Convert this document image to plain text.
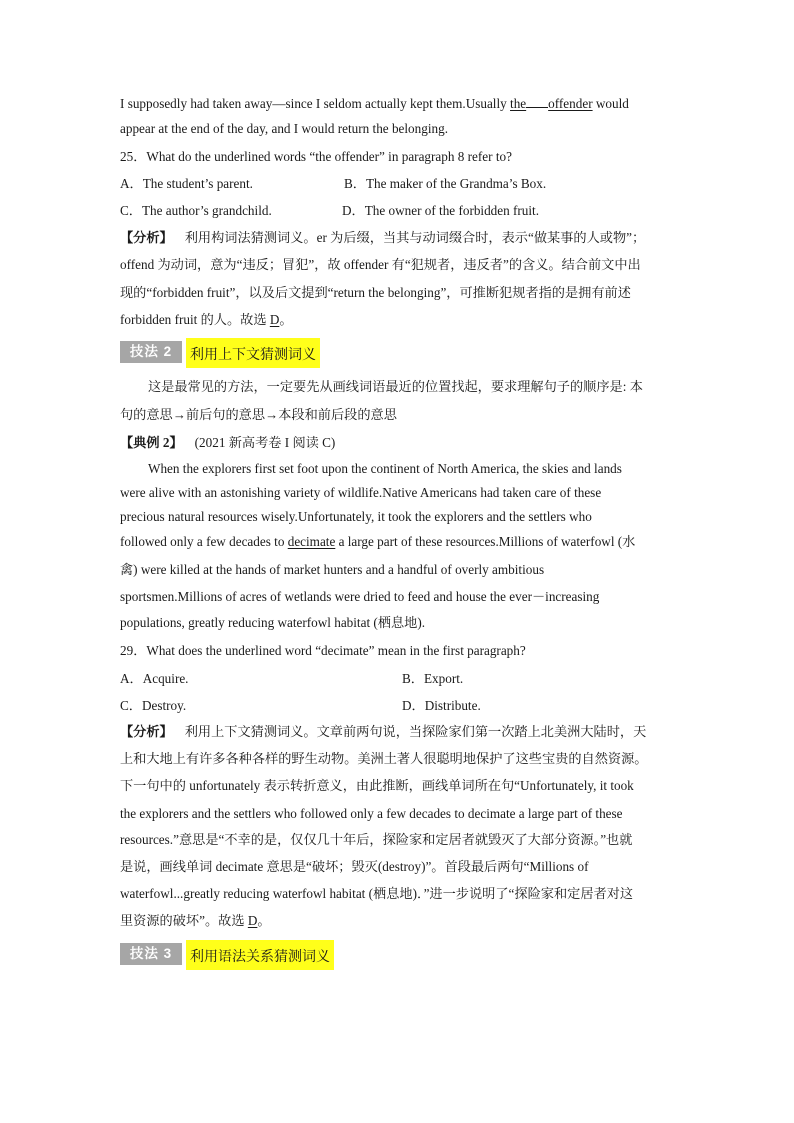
I supposedly had taken away—since I seldom actually kept them.Usually the offender would
appear at the end of the day, and I would return the belonging.
25．What do the underlined words “the offender” in paragraph 8 refer to?
A．The student’s parent.	B．The maker of the Grandma’s Box.
C．The author’s grandchild.	D．The owner of the forbidden fruit.
【分析】 利用构词法猜测词义。er 为后缀，当其与动词缀合时，表示“做某事的人或物”；
offend 为动词，意为“违反；冒犯”，故 offender 有“犯规者，违反者”的含义。结合前文中出
现的“forbidden fruit”，以及后文提到“return the belonging”，可推断犯规者指的是拥有前述
forbidden fruit 的人。故选 D。
技法 2	利用上下文猜测词义
这是最常见的方法，一定要先从画线词语最近的位置找起，要求理解句子的顺序是: 本
句的意思→前后句的意思→本段和前后段的意思
【典例 2】 (2021 新高考卷 I 阅读 C)
When the explorers first set foot upon the continent of North America, the skies and lands
were alive with an astonishing variety of wildlife.Native Americans had taken care of these
precious natural resources wisely.Unfortunately, it took the explorers and the settlers who
followed only a few decades to decimate a large part of these resources.Millions of waterfowl (水
禽) were killed at the hands of market hunters and a handful of overly ambitious
sportsmen.Millions of acres of wetlands were dried to feed and house the ever－increasing
populations, greatly reducing waterfowl habitat (栖息地).
29．What does the underlined word “decimate” mean in the first paragraph?
A．Acquire.	B．Export.
C．Destroy.	D．Distribute.
【分析】 利用上下文猜测词义。文章前两句说，当探险家们第一次踏上北美洲大陆时，天
上和大地上有许多各种各样的野生动物。美洲土著人很聪明地保护了这些宝贵的自然资源。
下一句中的 unfortunately 表示转折意义，由此推断，画线单词所在句“Unfortunately, it took
the explorers and the settlers who followed only a few decades to decimate a large part of these
resources.”意思是“不幸的是，仅仅几十年后，探险家和定居者就毁灭了大部分资源。”也就
是说，画线单词 decimate 意思是“破坏；毁灭(destroy)”。首段最后两句“Millions of
waterfowl...greatly reducing waterfowl habitat (栖息地)．”进一步说明了“探险家和定居者对这
里资源的破坏”。故选 D。
技法 3	利用语法关系猜测词义
